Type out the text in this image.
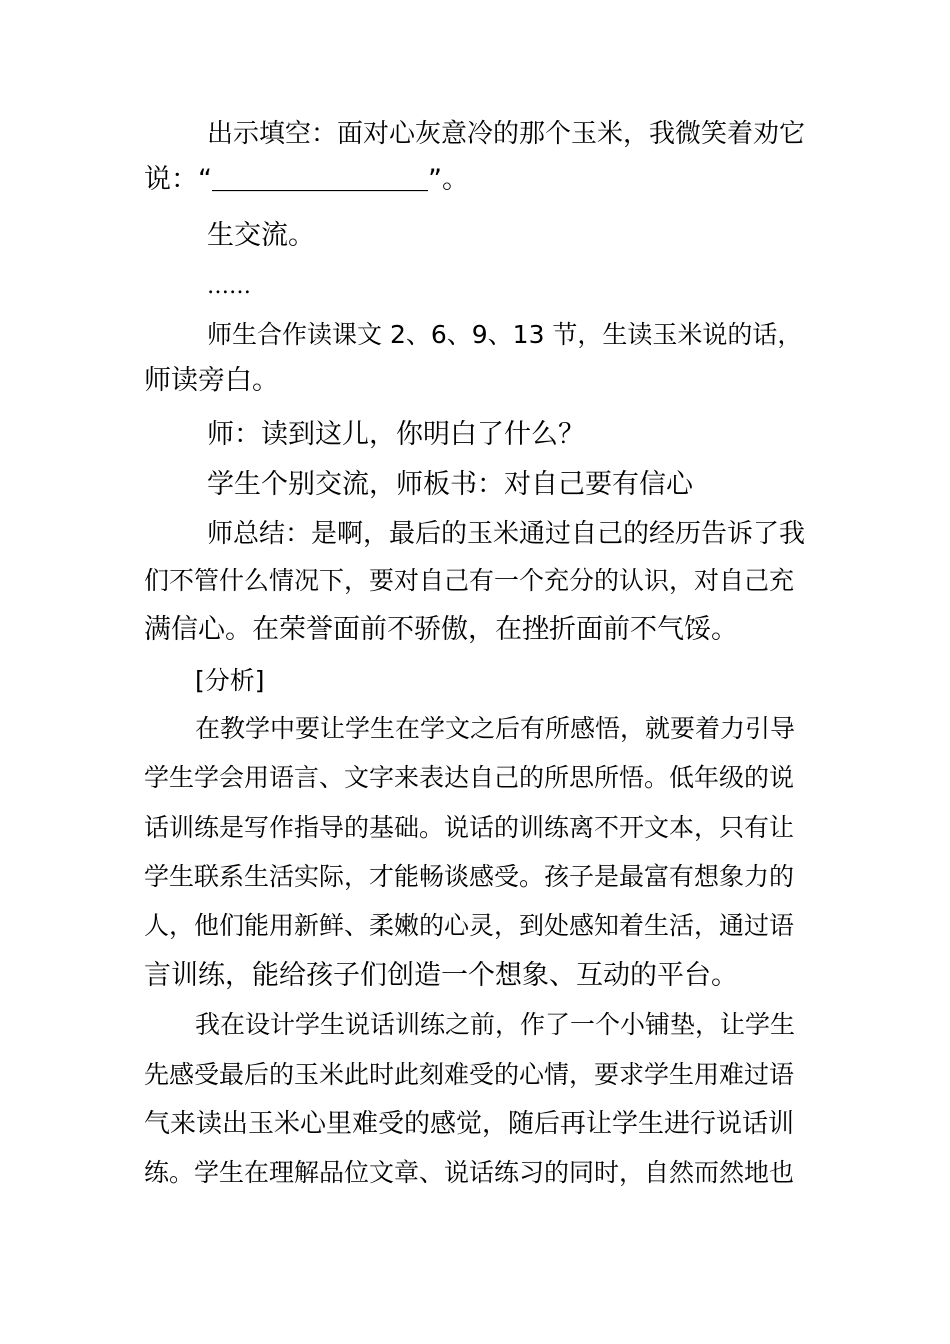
出示填空：面对心灰意冷的那个玉米，我微笑着劝它
说：“＿＿＿＿＿＿＿＿”。
生交流。
……
师生合作读课文 2、6、9、13 节，生读玉米说的话，
师读旁白。
师：读到这儿，你明白了什么？
学生个别交流，师板书：对自己要有信心
师总结：是啊，最后的玉米通过自己的经历告诉了我
们不管什么情况下，要对自己有一个充分的认识，对自己充
满信心。在荣誉面前不骄傲，在挫折面前不气馁。
[分析]
在教学中要让学生在学文之后有所感悟，就要着力引导
学生学会用语言、文字来表达自己的所思所悟。低年级的说
话训练是写作指导的基础。说话的训练离不开文本，只有让
学生联系生活实际，才能畅谈感受。孩子是最富有想象力的
人，他们能用新鲜、柔嫩的心灵，到处感知着生活，通过语
言训练，能给孩子们创造一个想象、互动的平台。
我在设计学生说话训练之前，作了一个小铺垫，让学生
先感受最后的玉米此时此刻难受的心情，要求学生用难过语
气来读出玉米心里难受的感觉，随后再让学生进行说话训
练。学生在理解品位文章、说话练习的同时，自然而然地也
